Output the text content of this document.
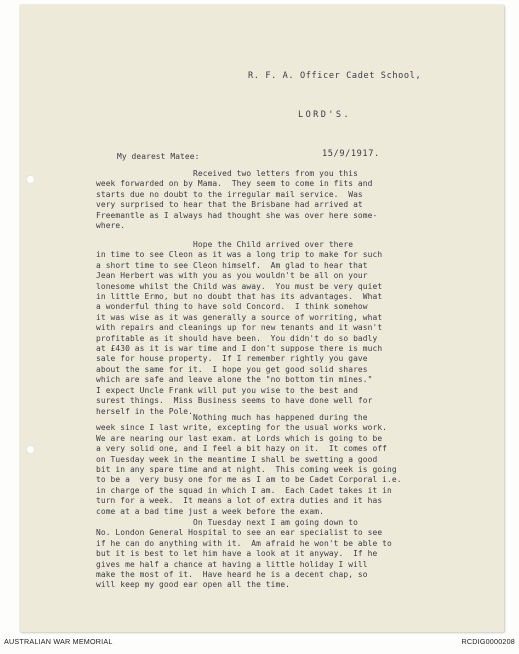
R. F. A. Officer Cadet School,

LORD'S.

15/9/1917.

My dearest Matee:
Received two letters from you this
week forwarded on by Mama.  They seem to come in fits and
starts due no doubt to the irregular mail service.  Was
very surprised to hear that the Brisbane had arrived at
Freemantle as I always had thought she was over here some-
where.
Hope the Child arrived over there
in time to see Cleon as it was a long trip to make for such
a short time to see Cleon himself.  Am glad to hear that
Jean Herbert was with you as you wouldn't be all on your
lonesome whilst the Child was away.  You must be very quiet
in little Ermo, but no doubt that has its advantages.  What
a wonderful thing to have sold Concord.  I think somehow
it was wise as it was generally a source of worriting, what
with repairs and cleanings up for new tenants and it wasn't
profitable as it should have been.  You didn't do so badly
at £430 as it is war time and I don't suppose there is much
sale for house property.  If I remember rightly you gave
about the same for it.  I hope you get good solid shares
which are safe and leave alone the "no bottom tin mines."
I expect Uncle Frank will put you wise to the best and
surest things.  Miss Business seems to have done well for
herself in the Pole.
Nothing much has happened during the
week since I last write, excepting for the usual works work.
We are nearing our last exam. at Lords which is going to be
a very solid one, and I feel a bit hazy on it.  It comes off
on Tuesday week in the meantime I shall be swetting a good
bit in any spare time and at night.  This coming week is going
to be a  very busy one for me as I am to be Cadet Corporal i.e.
in charge of the squad in which I am.  Each Cadet takes it in
turn for a week.  It means a lot of extra duties and it has
come at a bad time just a week before the exam.
On Tuesday next I am going down to
No. London General Hospital to see an ear specialist to see
if he can do anything with it.  Am afraid he won't be able to
but it is best to let him have a look at it anyway.  If he
gives me half a chance at having a little holiday I will
make the most of it.  Have heard he is a decent chap, so
will keep my good ear open all the time.
AUSTRALIAN WAR MEMORIAL	RCDIG0000208
